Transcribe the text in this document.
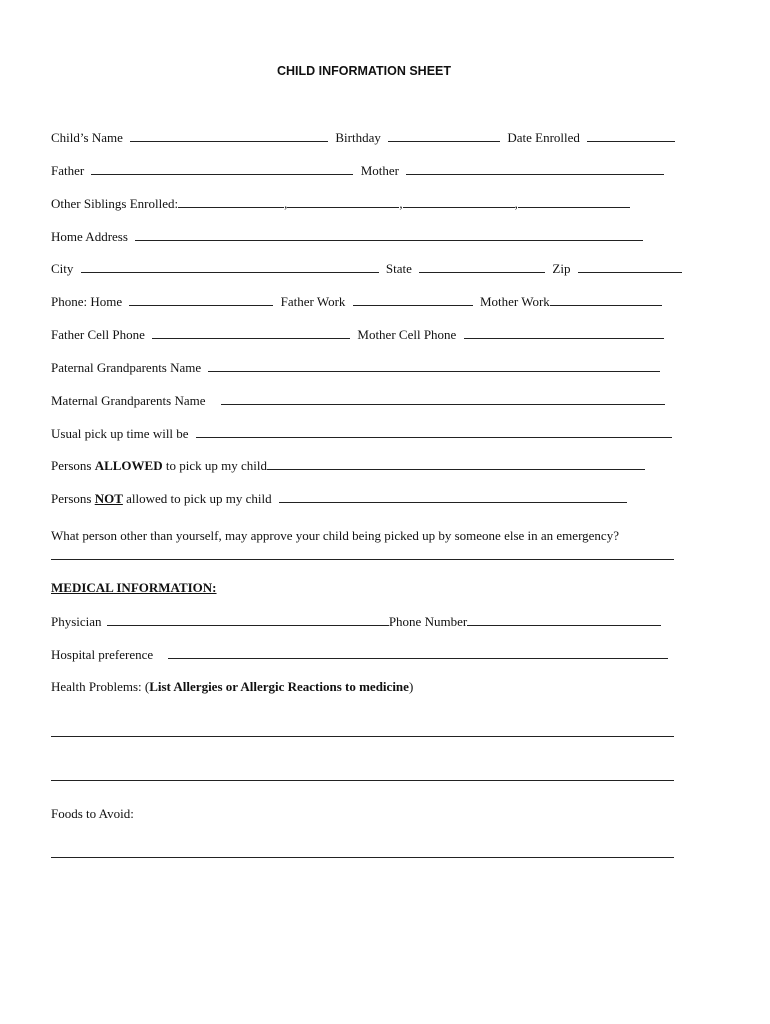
CHILD INFORMATION SHEET
Child’s Name	Birthday	Date Enrolled
Father	Mother
Other Siblings Enrolled:	,	,	,
Home Address
City	State	Zip
Phone: Home	Father Work	Mother Work
Father Cell Phone	Mother Cell Phone
Paternal Grandparents Name
Maternal Grandparents Name
Usual pick up time will be
Persons ALLOWED to pick up my child
Persons NOT allowed to pick up my child
What person other than yourself, may approve your child being picked up by someone else in an emergency?
MEDICAL INFORMATION:
Physician	Phone Number
Hospital preference
Health Problems: (List Allergies or Allergic Reactions to medicine)
Foods to Avoid:
